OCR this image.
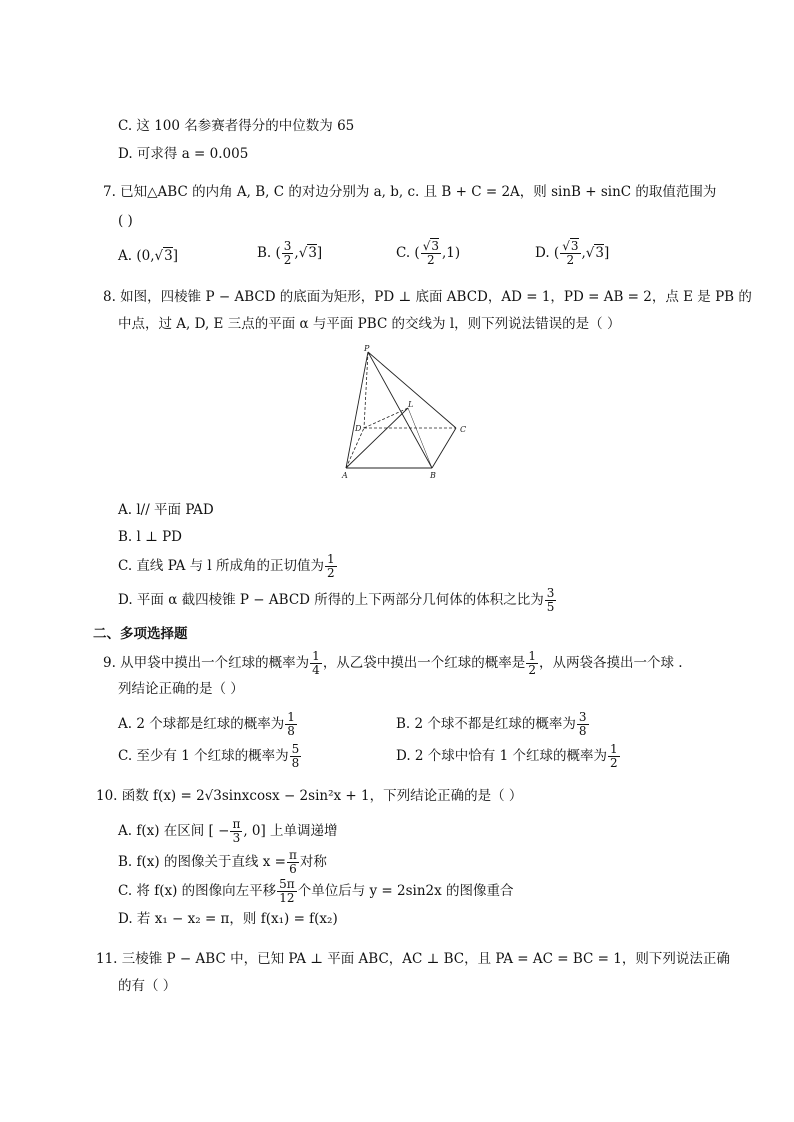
C. 这 100 名参赛者得分的中位数为 65
D. 可求得 a = 0.005
7. 已知△ABC 的内角 A, B, C 的对边分别为 a, b, c. 且 B + C = 2A，则 sinB + sinC 的取值范围为
( )
A. (0,√3]	B. ( $\frac{3}{2} ,√3$]	C. ( $\frac{√3}{2} ,1$)	D. ( $\frac{√3}{2} ,√3$]
8. 如图，四棱锥 P − ABCD 的底面为矩形，PD ⊥ 底面 ABCD，AD = 1，PD = AB = 2，点 E 是 PB 的
中点，过 A, D, E 三点的平面 α 与平面 PBC 的交线为 l，则下列说法错误的是（ ）
P
D
L
C
A	B
A. l// 平面 PAD
B. l ⊥ PD
C. 直线 PA 与 l 所成角的正切值为 $\frac{1}{2}$
D. 平面 α 截四棱锥 P − ABCD 所得的上下两部分几何体的体积之比为 $\frac{3}{5}$
二、多项选择题
9. 从甲袋中摸出一个红球的概率为 $\frac{1}{4}$ ，从乙袋中摸出一个红球的概率是 $\frac{1}{2}$ ，从两袋各摸出一个球 .
列结论正确的是（ ）
A. 2 个球都是红球的概率为 $\frac{1}{8}$	B. 2 个球不都是红球的概率为 $\frac{3}{8}$
C. 至少有 1 个红球的概率为 $\frac{5}{8}$	D. 2 个球中恰有 1 个红球的概率为 $\frac{1}{2}$
10. 函数 f(x) = 2√3sinxcosx − 2sin²x + 1，下列结论正确的是（ ）
A. f(x) 在区间 [ − $\frac{\pi}{3}$ , 0] 上单调递增
B. f(x) 的图像关于直线 $x = \frac{\pi}{6}$ 对称
C. 将 f(x) 的图像向左平移 $\frac{5\pi}{12}$ 个单位后与 y = 2sin2x 的图像重合
D. 若 x₁ − x₂ = π，则 f(x₁) = f(x₂)
11. 三棱锥 P − ABC 中，已知 PA ⊥ 平面 ABC，AC ⊥ BC，且 PA = AC = BC = 1，则下列说法正确
的有（ ）
